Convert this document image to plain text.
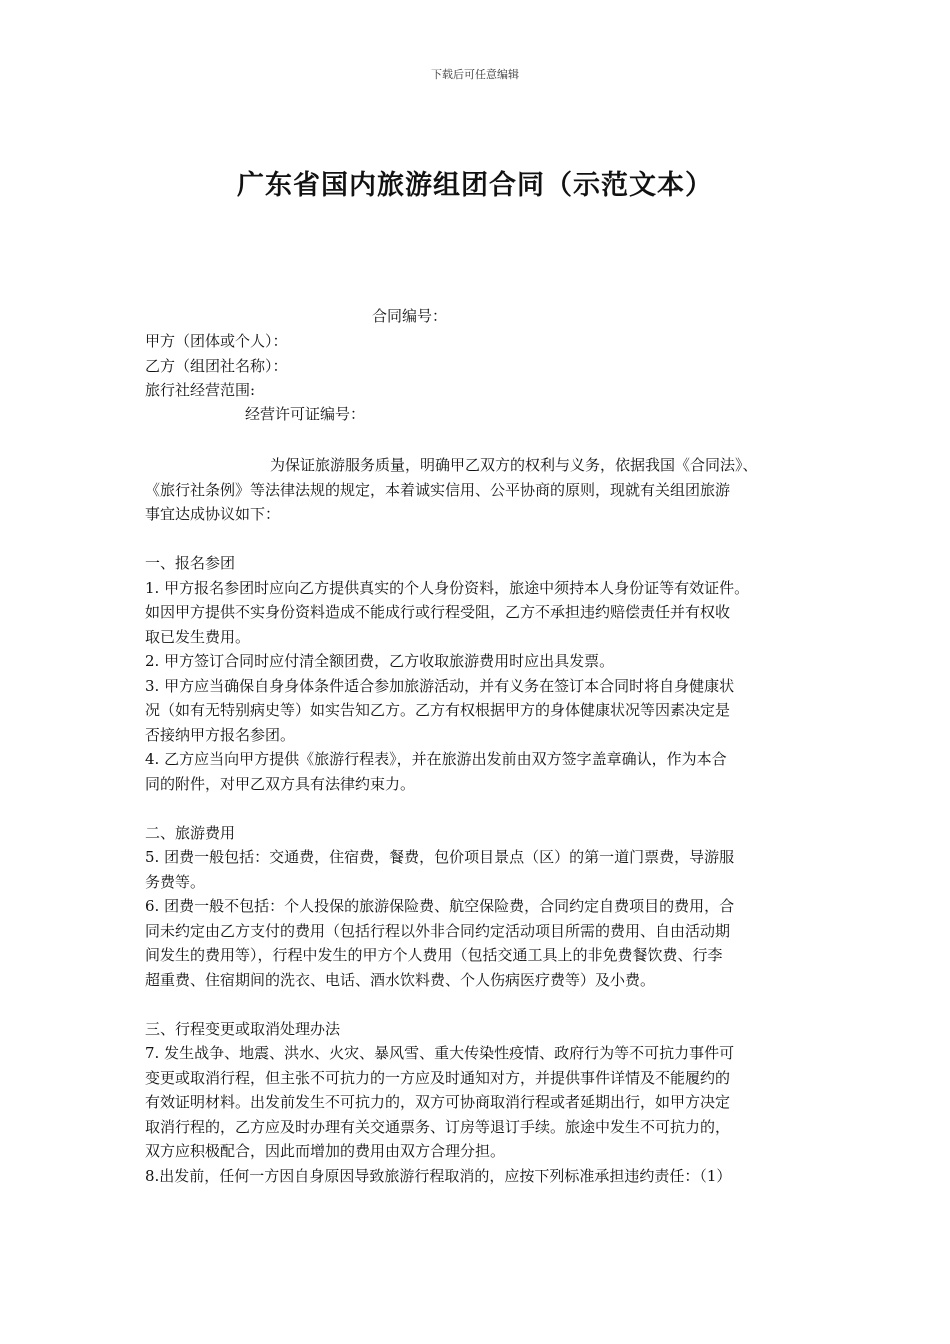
下载后可任意编辑
广东省国内旅游组团合同（示范文本）
合同编号：
甲方（团体或个人）：
乙方（组团社名称）：
旅行社经营范围:
经营许可证编号：
为保证旅游服务质量，明确甲乙双方的权利与义务，依据我国《合同法》、
《旅行社条例》等法律法规的规定，本着诚实信用、公平协商的原则，现就有关组团旅游
事宜达成协议如下：
一、报名参团
1. 甲方报名参团时应向乙方提供真实的个人身份资料，旅途中须持本人身份证等有效证件。
如因甲方提供不实身份资料造成不能成行或行程受阻，乙方不承担违约赔偿责任并有权收
取已发生费用。
2. 甲方签订合同时应付清全额团费，乙方收取旅游费用时应出具发票。
3. 甲方应当确保自身身体条件适合参加旅游活动，并有义务在签订本合同时将自身健康状
况（如有无特别病史等）如实告知乙方。乙方有权根据甲方的身体健康状况等因素决定是
否接纳甲方报名参团。
4. 乙方应当向甲方提供《旅游行程表》，并在旅游出发前由双方签字盖章确认，作为本合
同的附件，对甲乙双方具有法律约束力。
二、旅游费用
5. 团费一般包括：交通费，住宿费，餐费，包价项目景点（区）的第一道门票费，导游服
务费等。
6. 团费一般不包括：个人投保的旅游保险费、航空保险费，合同约定自费项目的费用，合
同未约定由乙方支付的费用（包括行程以外非合同约定活动项目所需的费用、自由活动期
间发生的费用等），行程中发生的甲方个人费用（包括交通工具上的非免费餐饮费、行李
超重费、住宿期间的洗衣、电话、酒水饮料费、个人伤病医疗费等）及小费。
三、行程变更或取消处理办法
7. 发生战争、地震、洪水、火灾、暴风雪、重大传染性疫情、政府行为等不可抗力事件可
变更或取消行程，但主张不可抗力的一方应及时通知对方，并提供事件详情及不能履约的
有效证明材料。出发前发生不可抗力的，双方可协商取消行程或者延期出行，如甲方决定
取消行程的，乙方应及时办理有关交通票务、订房等退订手续。旅途中发生不可抗力的，
双方应积极配合，因此而增加的费用由双方合理分担。
8.出发前，任何一方因自身原因导致旅游行程取消的，应按下列标准承担违约责任：（1）
